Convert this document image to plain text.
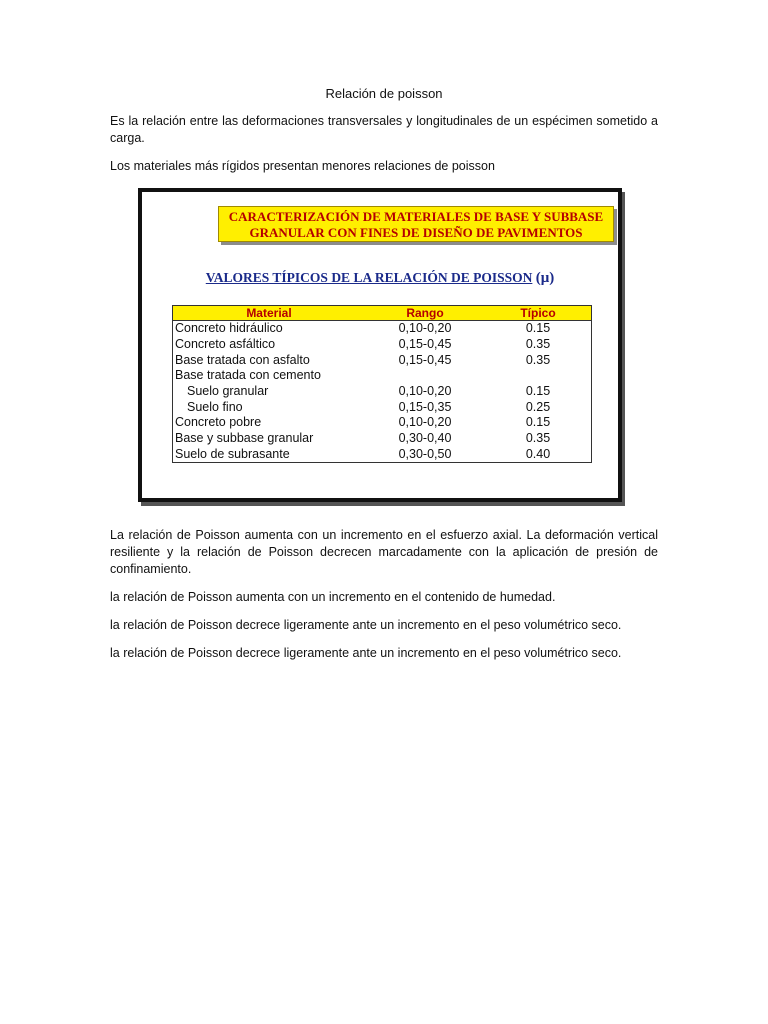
Relación de poisson
Es la relación entre las deformaciones transversales y longitudinales de un espécimen sometido a carga.
Los materiales más rígidos presentan menores relaciones de poisson
CARACTERIZACIÓN DE MATERIALES DE BASE Y SUBBASE
GRANULAR CON FINES DE DISEÑO DE PAVIMENTOS
VALORES TÍPICOS DE LA RELACIÓN DE POISSON (μ)
Material	Rango	Típico
Concreto hidráulico	0,10-0,20	0.15
Concreto asfáltico	0,15-0,45	0.35
Base tratada con asfalto	0,15-0,45	0.35
Base tratada con cemento		
Suelo granular	0,10-0,20	0.15
Suelo fino	0,15-0,35	0.25
Concreto pobre	0,10-0,20	0.15
Base y subbase granular	0,30-0,40	0.35
Suelo de subrasante	0,30-0,50	0.40
La relación de Poisson aumenta con un incremento en el esfuerzo axial. La deformación vertical resiliente y la relación de Poisson decrecen marcadamente con la aplicación de presión de confinamiento.
la relación de Poisson aumenta con un incremento en el contenido de humedad.
la relación de Poisson decrece ligeramente ante un incremento en el peso volumétrico seco.
la relación de Poisson decrece ligeramente ante un incremento en el peso volumétrico seco.
